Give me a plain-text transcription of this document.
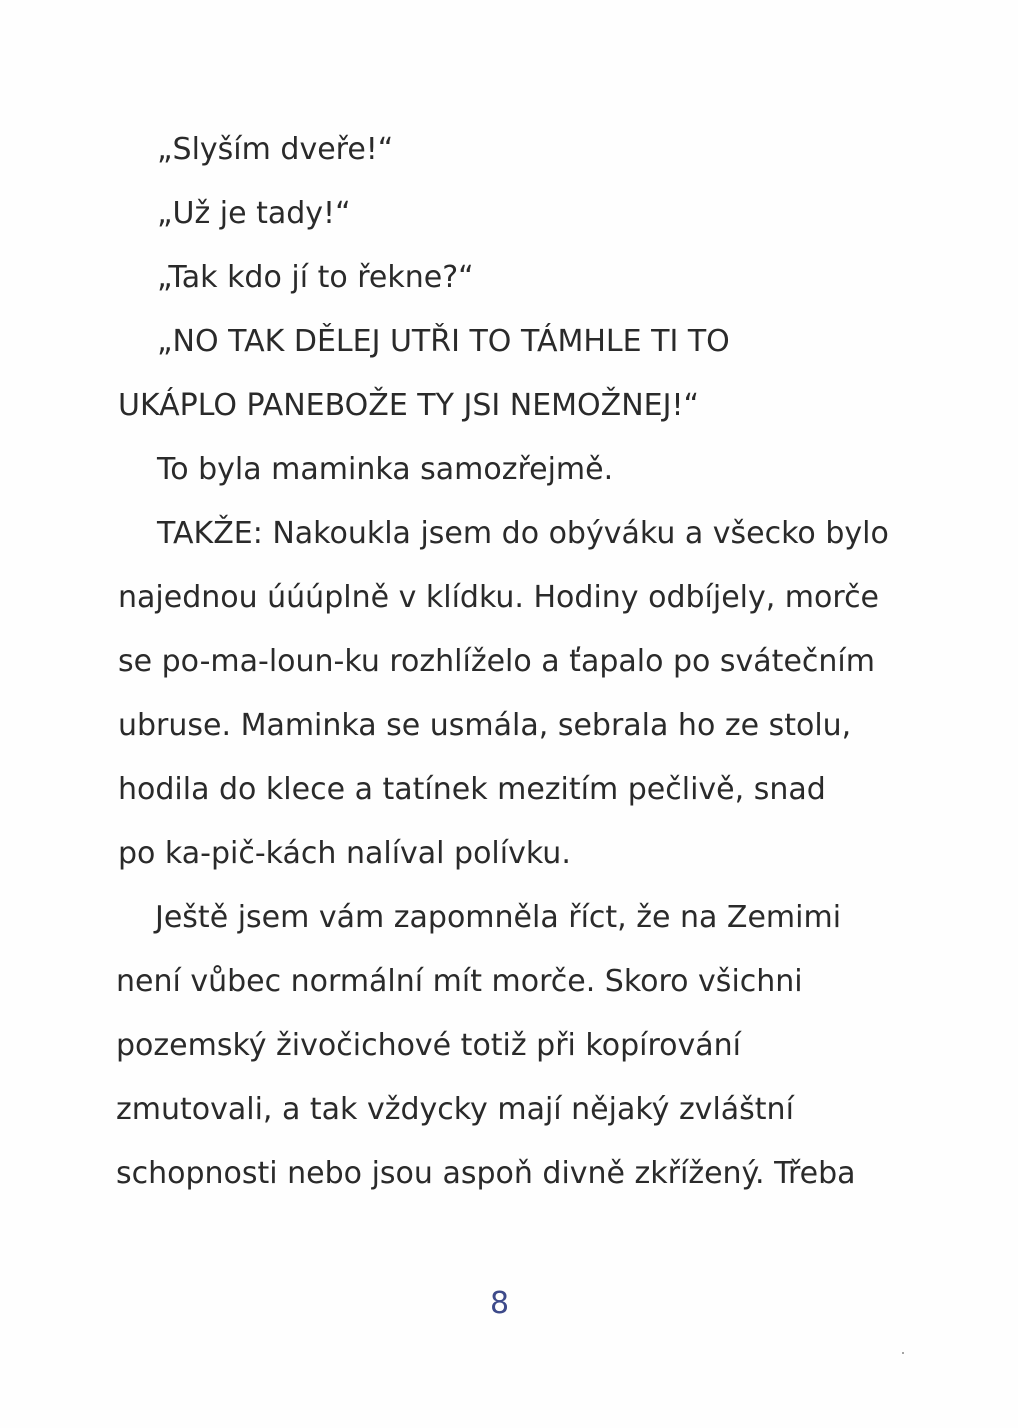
„Slyším dveře!“
„Už je tady!“
„Tak kdo jí to řekne?“
„NO TAK DĚLEJ UTŘI TO TÁMHLE TI TO
UKÁPLO PANEBOŽE TY JSI NEMOŽNEJ!“
To byla maminka samozřejmě.
TAKŽE: Nakoukla jsem do obýváku a všecko bylo
najednou úúúplně v klídku. Hodiny odbíjely, morče
se po-ma-loun-ku rozhlíželo a ťapalo po svátečním
ubruse. Maminka se usmála, sebrala ho ze stolu,
hodila do klece a tatínek mezitím pečlivě, snad
po ka-pič-kách nalíval polívku.
Ještě jsem vám zapomněla říct, že na Zemimi
není vůbec normální mít morče. Skoro všichni
pozemský živočichové totiž při kopírování
zmutovali, a tak vždycky mají nějaký zvláštní
schopnosti nebo jsou aspoň divně zkřížený. Třeba
8
